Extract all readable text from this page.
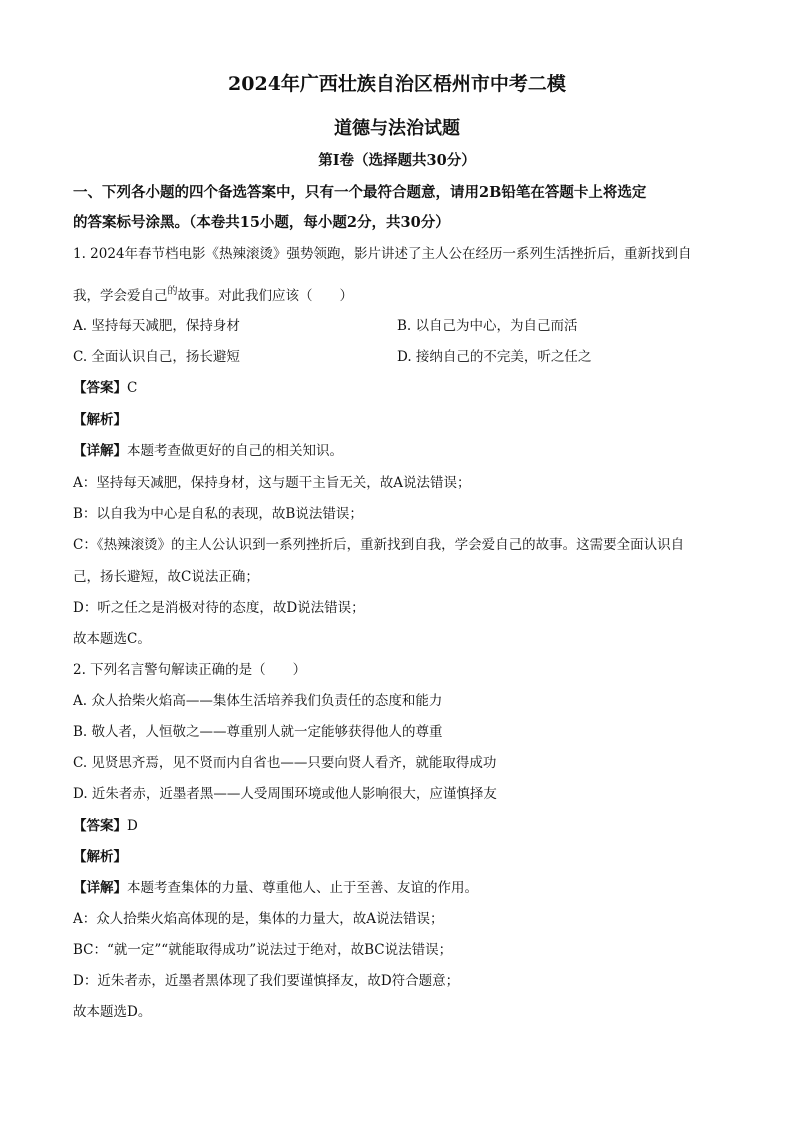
2024年广西壮族自治区梧州市中考二模
道德与法治试题
第Ⅰ卷（选择题共30分）
一、下列各小题的四个备选答案中，只有一个最符合题意，请用2B铅笔在答题卡上将选定
的答案标号涂黑。（本卷共15小题，每小题2分，共30分）
1. 2024年春节档电影《热辣滚烫》强势领跑，影片讲述了主人公在经历一系列生活挫折后，重新找到自
我，学会爱自己$^的$故事。对此我们应该（　　）
A. 坚持每天减肥，保持身材	B. 以自己为中心，为自己而活
C. 全面认识自己，扬长避短	D. 接纳自己的不完美，听之任之
【答案】C
【解析】
【详解】本题考查做更好的自己的相关知识。
A：坚持每天减肥，保持身材，这与题干主旨无关，故A说法错误；
B：以自我为中心是自私的表现，故B说法错误；
C：《热辣滚烫》的主人公认识到一系列挫折后，重新找到自我，学会爱自己的故事。这需要全面认识自
己，扬长避短，故C说法正确；
D：听之任之是消极对待的态度，故D说法错误；
故本题选C。
2. 下列名言警句解读正确的是（　　）
A. 众人拾柴火焰高——集体生活培养我们负责任的态度和能力
B. 敬人者，人恒敬之——尊重别人就一定能够获得他人的尊重
C. 见贤思齐焉，见不贤而内自省也——只要向贤人看齐，就能取得成功
D. 近朱者赤，近墨者黑——人受周围环境或他人影响很大，应谨慎择友
【答案】D
【解析】
【详解】本题考查集体的力量、尊重他人、止于至善、友谊的作用。
A：众人拾柴火焰高体现的是，集体的力量大，故A说法错误；
BC：“就一定”“就能取得成功”说法过于绝对，故BC说法错误；
D：近朱者赤，近墨者黑体现了我们要谨慎择友，故D符合题意；
故本题选D。
